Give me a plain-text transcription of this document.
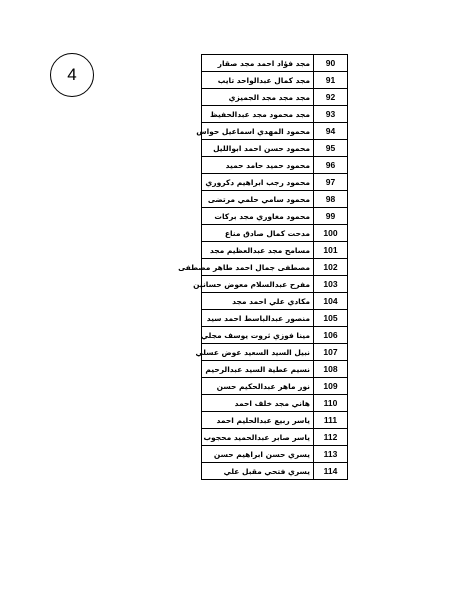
4
مجد فؤاد احمد مجد صقار	90
مجد كمال عبدالواحد تايب	91
مجد مجد مجد الجميزي	92
مجد محمود مجد عبدالحفيظ	93
محمود المهدي اسماعيل حواس	94
محمود حسن احمد ابوالليل	95
محمود حميد حامد حميد	96
محمود رجب ابراهيم دكروري	97
محمود سامي حلمي مرتضى	98
محمود مغاوري مجد بركات	99
مدحت كمال صادق مناع	100
مسامح مجد عبدالعظيم مجد	101
مصطفى جمال احمد طاهر مصطفى	102
مفرح عبدالسلام معوض حسانين	103
مكادي علي احمد مجد	104
منصور عبدالباسط احمد سيد	105
مينا فوزي ثروت يوسف مجلي	106
نبيل السيد السعيد عوض عسلي	107
نسيم عطية السيد عبدالرحيم	108
نور ماهر عبدالحكيم حسن	109
هاني مجد خلف احمد	110
ياسر ربيع عبدالحليم احمد	111
ياسر صابر عبدالحميد محجوب	112
يسري حسن ابراهيم حسن	113
يسري فتحي مقبل علي	114
